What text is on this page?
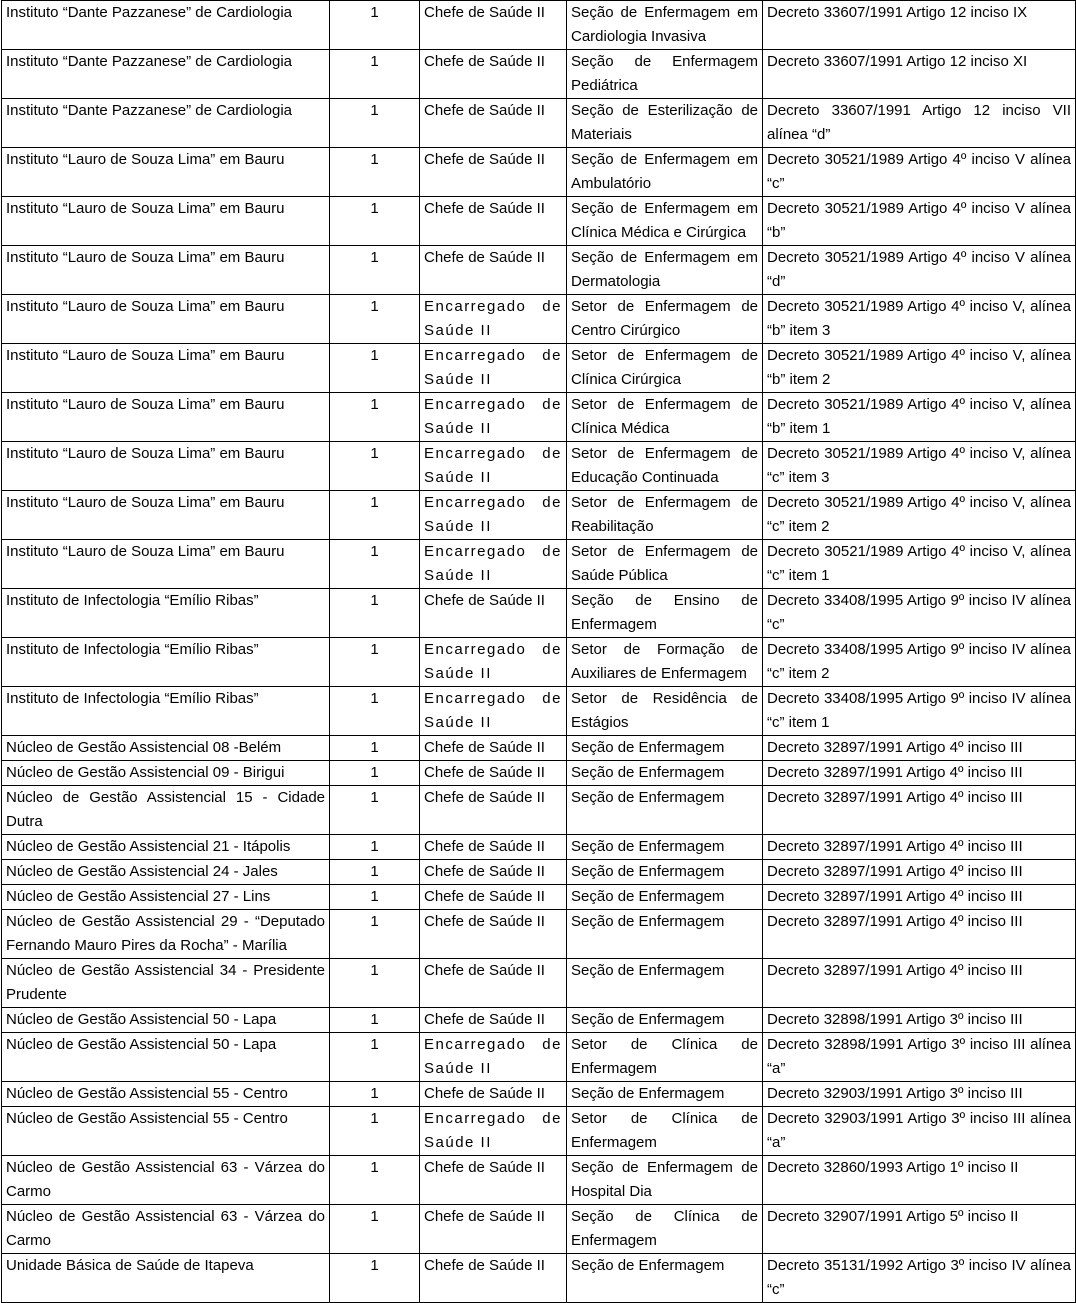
Instituto “Dante Pazzanese” de Cardiologia	1	Chefe de Saúde II	Seção de Enfermagem em Cardiologia Invasiva	Decreto 33607/1991 Artigo 12 inciso IX
Instituto “Dante Pazzanese” de Cardiologia	1	Chefe de Saúde II	Seção de Enfermagem Pediátrica	Decreto 33607/1991 Artigo 12 inciso XI
Instituto “Dante Pazzanese” de Cardiologia	1	Chefe de Saúde II	Seção de Esterilização de Materiais	Decreto 33607/1991 Artigo 12 inciso VII alínea “d”
Instituto “Lauro de Souza Lima” em Bauru	1	Chefe de Saúde II	Seção de Enfermagem em Ambulatório	Decreto 30521/1989 Artigo 4º inciso V alínea “c”
Instituto “Lauro de Souza Lima” em Bauru	1	Chefe de Saúde II	Seção de Enfermagem em Clínica Médica e Cirúrgica	Decreto 30521/1989 Artigo 4º inciso V alínea “b”
Instituto “Lauro de Souza Lima” em Bauru	1	Chefe de Saúde II	Seção de Enfermagem em Dermatologia	Decreto 30521/1989 Artigo 4º inciso V alínea “d”
Instituto “Lauro de Souza Lima” em Bauru	1	Encarregado de Saúde II	Setor de Enfermagem de Centro Cirúrgico	Decreto 30521/1989 Artigo 4º inciso V, alínea “b” item 3
Instituto “Lauro de Souza Lima” em Bauru	1	Encarregado de Saúde II	Setor de Enfermagem de Clínica Cirúrgica	Decreto 30521/1989 Artigo 4º inciso V, alínea “b” item 2
Instituto “Lauro de Souza Lima” em Bauru	1	Encarregado de Saúde II	Setor de Enfermagem de Clínica Médica	Decreto 30521/1989 Artigo 4º inciso V, alínea “b” item 1
Instituto “Lauro de Souza Lima” em Bauru	1	Encarregado de Saúde II	Setor de Enfermagem de Educação Continuada	Decreto 30521/1989 Artigo 4º inciso V, alínea “c” item 3
Instituto “Lauro de Souza Lima” em Bauru	1	Encarregado de Saúde II	Setor de Enfermagem de Reabilitação	Decreto 30521/1989 Artigo 4º inciso V, alínea “c” item 2
Instituto “Lauro de Souza Lima” em Bauru	1	Encarregado de Saúde II	Setor de Enfermagem de Saúde Pública	Decreto 30521/1989 Artigo 4º inciso V, alínea “c” item 1
Instituto de Infectologia “Emílio Ribas”	1	Chefe de Saúde II	Seção de Ensino de Enfermagem	Decreto 33408/1995 Artigo 9º inciso IV alínea “c”
Instituto de Infectologia “Emílio Ribas”	1	Encarregado de Saúde II	Setor de Formação de Auxiliares de Enfermagem	Decreto 33408/1995 Artigo 9º inciso IV alínea “c” item 2
Instituto de Infectologia “Emílio Ribas”	1	Encarregado de Saúde II	Setor de Residência de Estágios	Decreto 33408/1995 Artigo 9º inciso IV alínea “c” item 1
Núcleo de Gestão Assistencial 08 -Belém	1	Chefe de Saúde II	Seção de Enfermagem	Decreto 32897/1991 Artigo 4º inciso III
Núcleo de Gestão Assistencial 09 - Birigui	1	Chefe de Saúde II	Seção de Enfermagem	Decreto 32897/1991 Artigo 4º inciso III
Núcleo de Gestão Assistencial 15 - Cidade Dutra	1	Chefe de Saúde II	Seção de Enfermagem	Decreto 32897/1991 Artigo 4º inciso III
Núcleo de Gestão Assistencial 21 - Itápolis	1	Chefe de Saúde II	Seção de Enfermagem	Decreto 32897/1991 Artigo 4º inciso III
Núcleo de Gestão Assistencial 24 - Jales	1	Chefe de Saúde II	Seção de Enfermagem	Decreto 32897/1991 Artigo 4º inciso III
Núcleo de Gestão Assistencial 27 - Lins	1	Chefe de Saúde II	Seção de Enfermagem	Decreto 32897/1991 Artigo 4º inciso III
Núcleo de Gestão Assistencial 29 - “Deputado Fernando Mauro Pires da Rocha” - Marília	1	Chefe de Saúde II	Seção de Enfermagem	Decreto 32897/1991 Artigo 4º inciso III
Núcleo de Gestão Assistencial 34 - Presidente Prudente	1	Chefe de Saúde II	Seção de Enfermagem	Decreto 32897/1991 Artigo 4º inciso III
Núcleo de Gestão Assistencial 50 - Lapa	1	Chefe de Saúde II	Seção de Enfermagem	Decreto 32898/1991 Artigo 3º inciso III
Núcleo de Gestão Assistencial 50 - Lapa	1	Encarregado de Saúde II	Setor de Clínica de Enfermagem	Decreto 32898/1991 Artigo 3º inciso III alínea “a”
Núcleo de Gestão Assistencial 55 - Centro	1	Chefe de Saúde II	Seção de Enfermagem	Decreto 32903/1991 Artigo 3º inciso III
Núcleo de Gestão Assistencial 55 - Centro	1	Encarregado de Saúde II	Setor de Clínica de Enfermagem	Decreto 32903/1991 Artigo 3º inciso III alínea “a”
Núcleo de Gestão Assistencial 63 - Várzea do Carmo	1	Chefe de Saúde II	Seção de Enfermagem de Hospital Dia	Decreto 32860/1993 Artigo 1º inciso II
Núcleo de Gestão Assistencial 63 - Várzea do Carmo	1	Chefe de Saúde II	Seção de Clínica de Enfermagem	Decreto 32907/1991 Artigo 5º inciso II
Unidade Básica de Saúde de Itapeva	1	Chefe de Saúde II	Seção de Enfermagem	Decreto 35131/1992 Artigo 3º inciso IV alínea “c”
